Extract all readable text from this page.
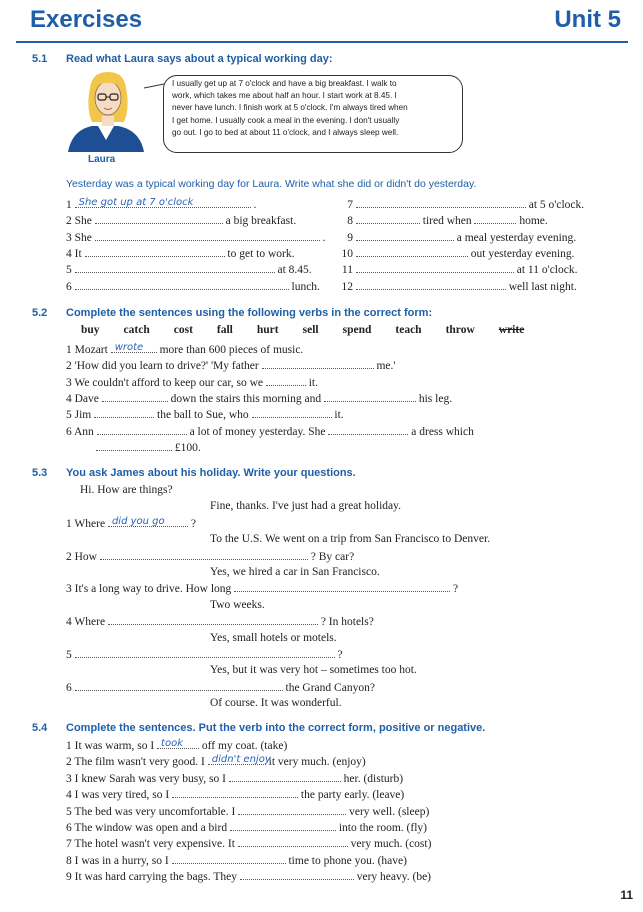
Exercises	Unit 5
5.1 Read what Laura says about a typical working day:
I usually get up at 7 o'clock and have a big breakfast. I walk to
work, which takes me about half an hour. I start work at 8.45. I
never have lunch. I finish work at 5 o'clock. I'm always tired when
I get home. I usually cook a meal in the evening. I don't usually
go out. I go to bed at about 11 o'clock, and I always sleep well.
Laura
Yesterday was a typical working day for Laura. Write what she did or didn't do yesterday.
1 She got up at 7 o'clock	.
2 She	a big breakfast.
3 She	.
4 It	to get to work.
5	at 8.45.
6	lunch.
7	at 5 o'clock.
8	tired when	home.
9	a meal yesterday evening.
10	out yesterday evening.
11	at 11 o'clock.
12	well last night.
5.2 Complete the sentences using the following verbs in the correct form:
buy catch cost fall hurt sell spend teach throw write
1 Mozart wrote more than 600 pieces of music.
2 'How did you learn to drive?' 'My father	me.'
3 We couldn't afford to keep our car, so we	it.
4 Dave	down the stairs this morning and	his leg.
5 Jim	the ball to Sue, who	it.
6 Ann	a lot of money yesterday. She	a dress which
£100.
5.3 You ask James about his holiday. Write your questions.
Hi. How are things?
Fine, thanks. I've just had a great holiday.
1 Where did you go ?
To the U.S. We went on a trip from San Francisco to Denver.
2 How	? By car?
Yes, we hired a car in San Francisco.
3 It's a long way to drive. How long	?
Two weeks.
4 Where	? In hotels?
Yes, small hotels or motels.
5	?
Yes, but it was very hot – sometimes too hot.
6	the Grand Canyon?
Of course. It was wonderful.
5.4 Complete the sentences. Put the verb into the correct form, positive or negative.
1 It was warm, so I took off my coat. (take)
2 The film wasn't very good. I didn't enjoy
it very much. (enjoy)
3 I knew Sarah was very busy, so I	her. (disturb)
4 I was very tired, so I	the party early. (leave)
5 The bed was very uncomfortable. I	very well. (sleep)
6 The window was open and a bird	into the room. (fly)
7 The hotel wasn't very expensive. It	very much. (cost)
8 I was in a hurry, so I	time to phone you. (have)
9 It was hard carrying the bags. They	very heavy. (be)
11
